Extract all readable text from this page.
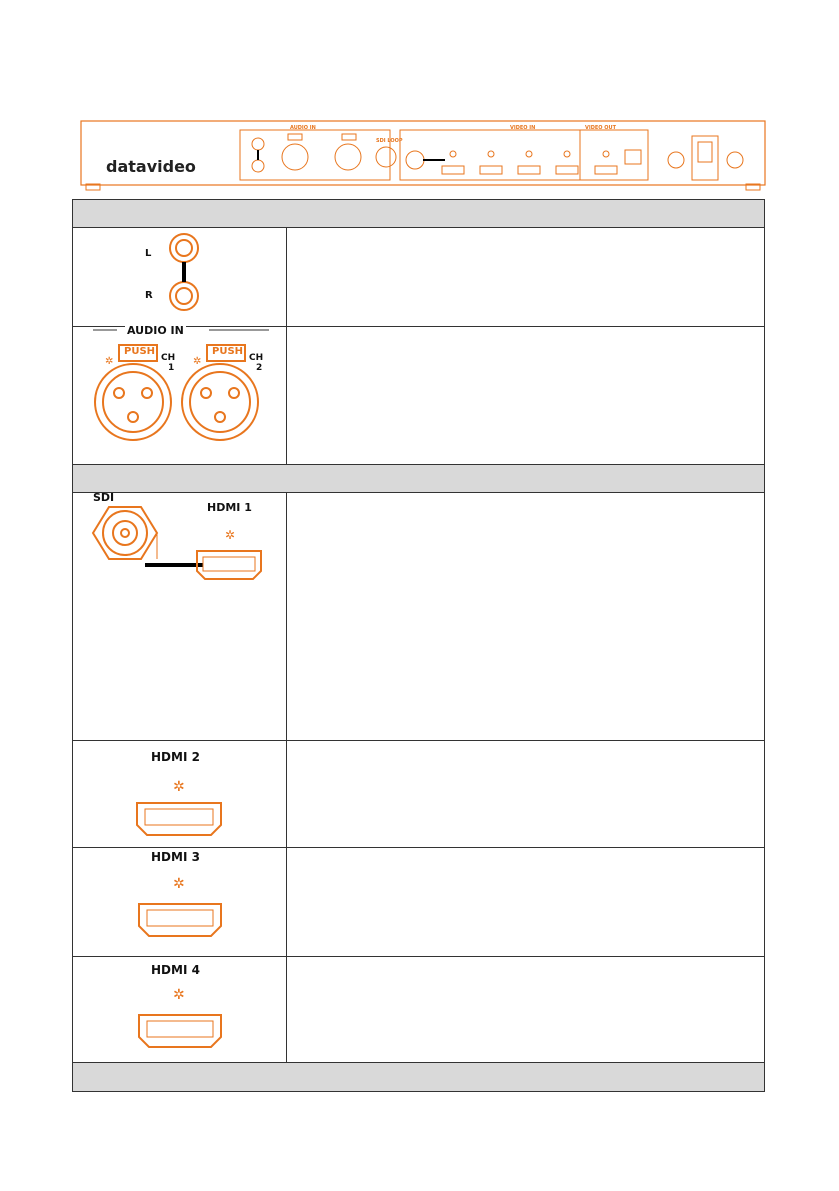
datavideo
AUDIO IN
SDI LOOP
VIDEO IN	VIDEO OUT
L
R
✲	✲
AUDIO IN
PUSH	PUSH
CH
1
CH
2
✲
SDI
HDMI 1
✲
HDMI 2
✲
HDMI 3
✲
HDMI 4
